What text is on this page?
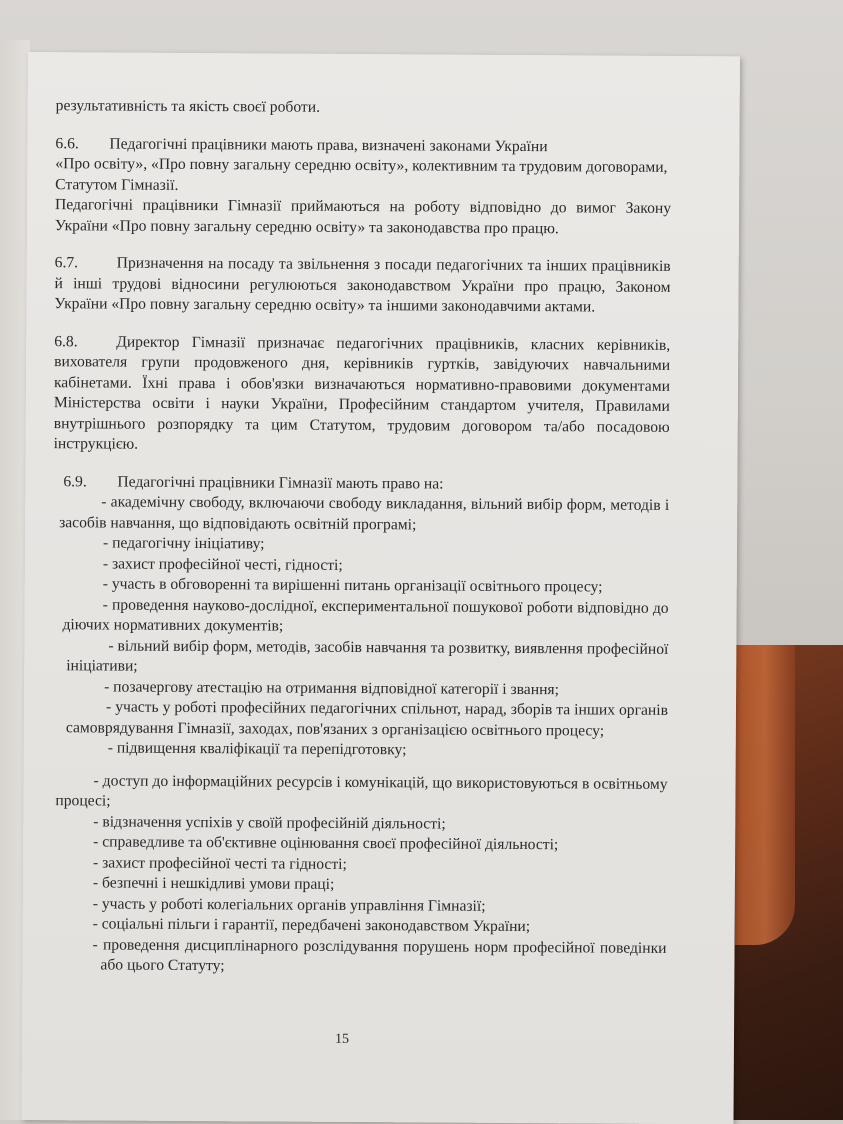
результативність та якість своєї роботи.

6.6. Педагогічні працівники мають права, визначені законами України

«Про освіту», «Про повну загальну середню освіту», колективним та трудовим договорами, Статутом Гімназії.

Педагогічні працівники Гімназії приймаються на роботу відповідно до вимог Закону України «Про повну загальну середню освіту» та законодавства про працю.

6.7. Призначення на посаду та звільнення з посади педагогічних та інших працівників й інші трудові відносини регулюються законодавством України про працю, Законом України «Про повну загальну середню освіту» та іншими законодавчими актами.

6.8. Директор Гімназії призначає педагогічних працівників, класних керівників, вихователя групи продовженого дня, керівників гуртків, завідуючих навчальними кабінетами. Їхні права і обов'язки визначаються нормативно-правовими документами Міністерства освіти і науки України, Професійним стандартом учителя, Правилами внутрішнього розпорядку та цим Статутом, трудовим договором та/або посадовою інструкцією.

6.9. Педагогічні працівники Гімназії мають право на:

- академічну свободу, включаючи свободу викладання, вільний вибір форм, методів і засобів навчання, що відповідають освітній програмі;

- педагогічну ініціативу;

- захист професійної честі, гідності;

- участь в обговоренні та вирішенні питань організації освітнього процесу;

- проведення науково-дослідної, експериментальної пошукової роботи відповідно до діючих нормативних документів;

- вільний вибір форм, методів, засобів навчання та розвитку, виявлення професійної ініціативи;

- позачергову атестацію на отримання відповідної категорії і звання;

- участь у роботі професійних педагогічних спільнот, нарад, зборів та інших органів самоврядування Гімназії, заходах, пов'язаних з організацією освітнього процесу;

- підвищення кваліфікації та перепідготовку;

- доступ до інформаційних ресурсів і комунікацій, що використовуються в освітньому процесі;

- відзначення успіхів у своїй професійній діяльності;

- справедливе та об'єктивне оцінювання своєї професійної діяльності;

- захист професійної честі та гідності;

- безпечні і нешкідливі умови праці;

- участь у роботі колегіальних органів управління Гімназії;

- соціальні пільги і гарантії, передбачені законодавством України;

- проведення дисциплінарного розслідування порушень норм професійної поведінки або цього Статуту;

15
